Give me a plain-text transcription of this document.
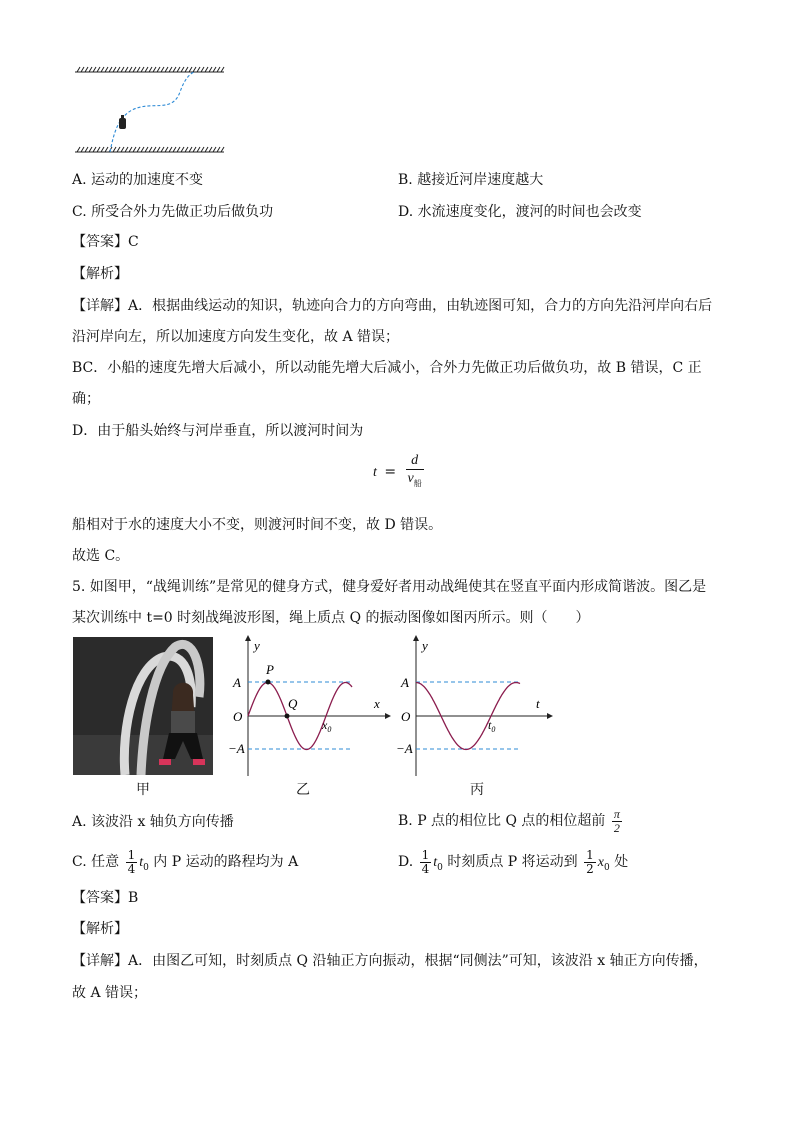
A. 运动的加速度不变	B. 越接近河岸速度越大
C. 所受合外力先做正功后做负功	D. 水流速度变化，渡河的时间也会改变
【答案】C
【解析】
【详解】A．根据曲线运动的知识，轨迹向合力的方向弯曲，由轨迹图可知，合力的方向先沿河岸向右后
沿河岸向左，所以加速度方向发生变化，故 A 错误；
BC．小船的速度先增大后减小，所以动能先增大后减小，合外力先做正功后做负功，故 B 错误，C 正
确；
D．由于船头始终与河岸垂直，所以渡河时间为
$t = \frac{d}{v_船}$
船相对于水的速度大小不变，则渡河时间不变，故 D 错误。
故选 C。
5. 如图甲，“战绳训练”是常见的健身方式，健身爱好者用动战绳使其在竖直平面内形成简谐波。图乙是
某次训练中 t=0 时刻战绳波形图，绳上质点 Q 的振动图像如图丙所示。则（　　）
y
x
A
−A
O
P
Q
$x_0$
乙
y
t
A
−A
O
$t_0$
甲	丙
A. 该波沿 x 轴负方向传播	B. P 点的相位比 Q 点的相位超前 $\frac{\pi}{2}$
C. 任意 $\frac{1}{4} t_0$ 内 P 运动的路程均为 A	D. $\frac{1}{4} t_0$ 时刻质点 P 将运动到 $\frac{1}{2} x_0$ 处
【答案】B
【解析】
【详解】A．由图乙可知，时刻质点 Q 沿轴正方向振动，根据“同侧法”可知，该波沿 x 轴正方向传播，
故 A 错误；
